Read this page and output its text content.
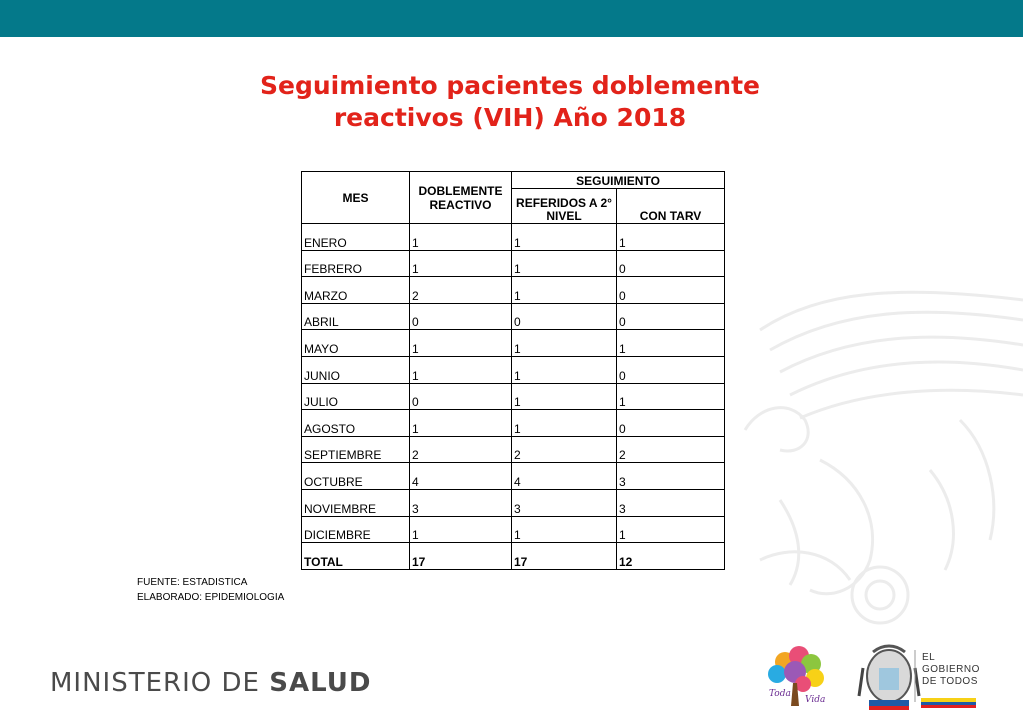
Seguimiento pacientes doblemente
reactivos (VIH) Año 2018
MES	DOBLEMENTE REACTIVO	SEGUIMIENTO	
		REFERIDOS A 2° NIVEL	CON TARV
ENERO	1	1	1
FEBRERO	1	1	0
MARZO	2	1	0
ABRIL	0	0	0
MAYO	1	1	1
JUNIO	1	1	0
JULIO	0	1	1
AGOSTO	1	1	0
SEPTIEMBRE	2	2	2
OCTUBRE	4	4	3
NOVIEMBRE	3	3	3
DICIEMBRE	1	1	1
TOTAL	17	17	12
FUENTE: ESTADISTICA
ELABORADO: EPIDEMIOLOGIA
MINISTERIO DE SALUD	Toda
Vida
EL
GOBIERNO
DE TODOS
